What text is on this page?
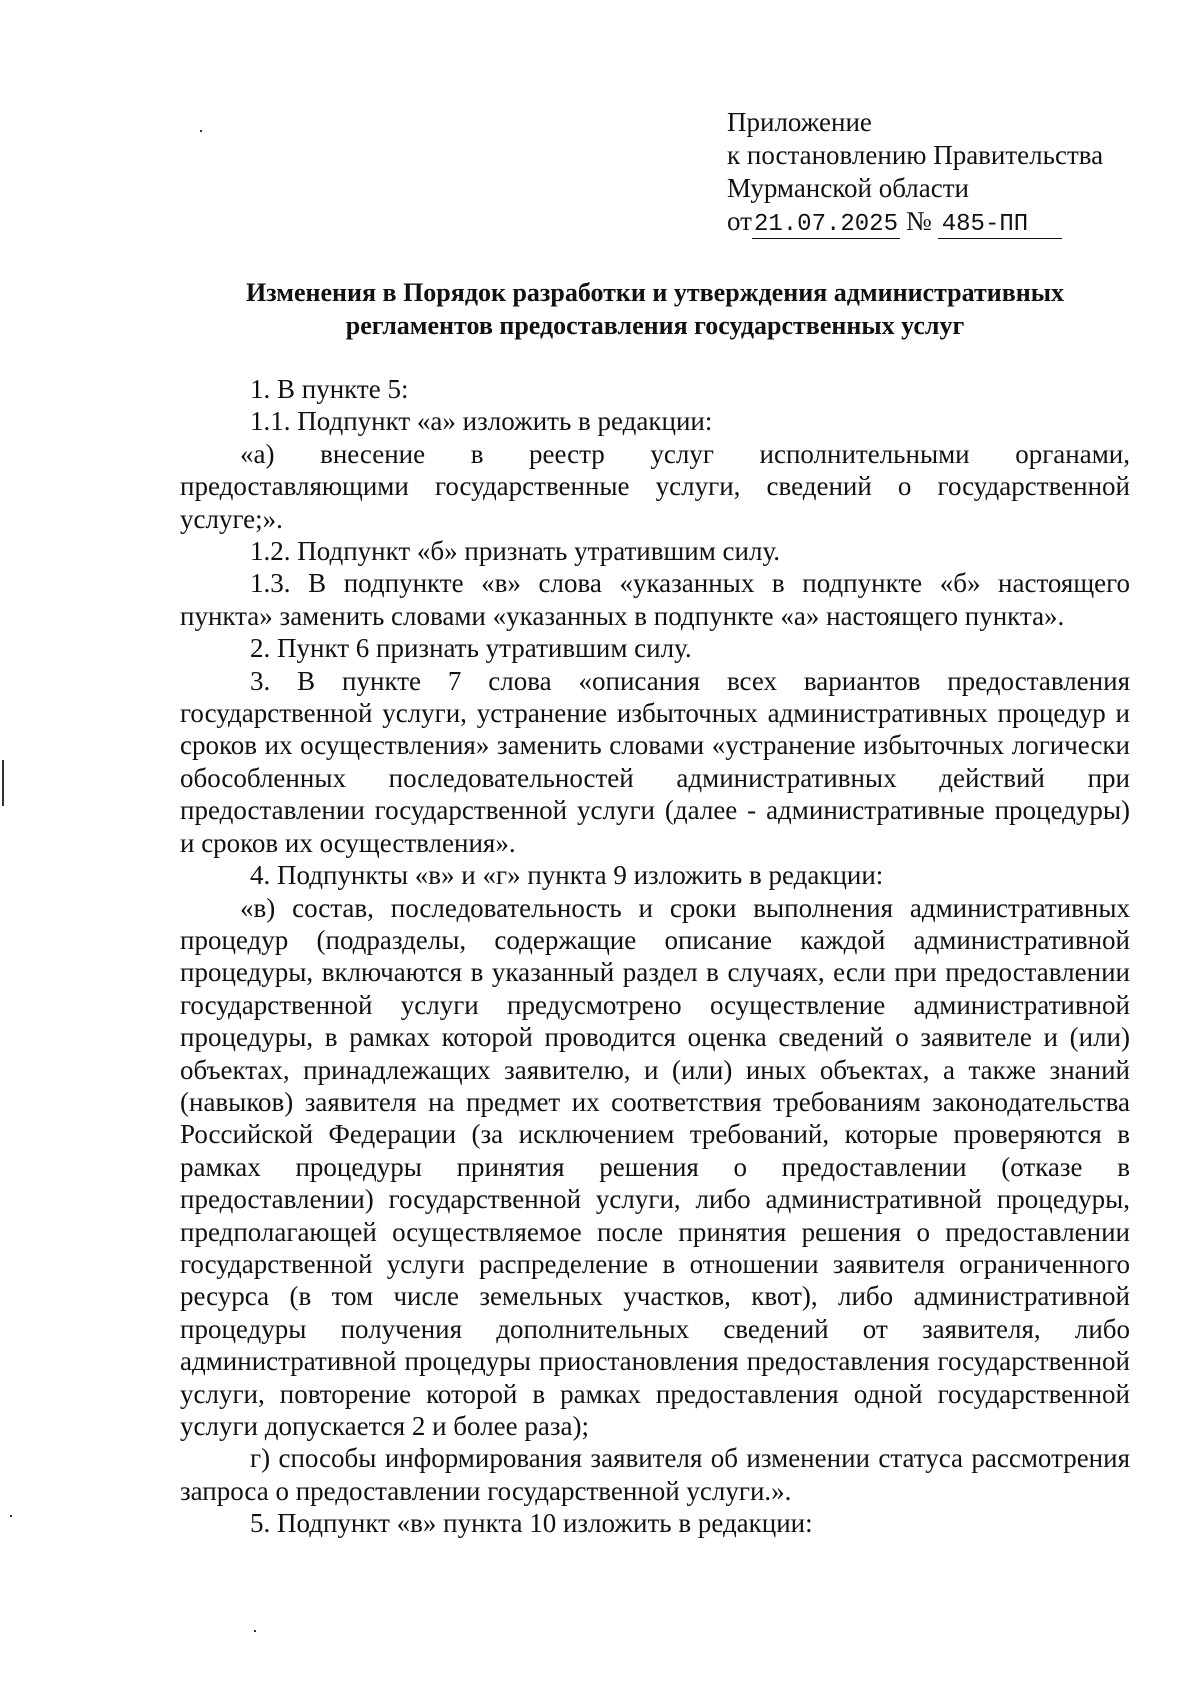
Приложение
к постановлению Правительства
Мурманской области
от 21.07.2025 № 485-ПП
Изменения в Порядок разработки и утверждения административных регламентов предоставления государственных услуг

1. В пункте 5:

1.1. Подпункт «а» изложить в редакции:

«а) внесение в реестр услуг исполнительными органами, предоставляющими государственные услуги, сведений о государственной услуге;».

1.2. Подпункт «б» признать утратившим силу.

1.3. В подпункте «в» слова «указанных в подпункте «б» настоящего пункта» заменить словами «указанных в подпункте «а» настоящего пункта».

2. Пункт 6 признать утратившим силу.

3. В пункте 7 слова «описания всех вариантов предоставления государственной услуги, устранение избыточных административных процедур и сроков их осуществления» заменить словами «устранение избыточных логически обособленных последовательностей административных действий при предоставлении государственной услуги (далее - административные процедуры) и сроков их осуществления».

4. Подпункты «в» и «г» пункта 9 изложить в редакции:

«в) состав, последовательность и сроки выполнения административных процедур (подразделы, содержащие описание каждой административной процедуры, включаются в указанный раздел в случаях, если при предоставлении государственной услуги предусмотрено осуществление административной процедуры, в рамках которой проводится оценка сведений о заявителе и (или) объектах, принадлежащих заявителю, и (или) иных объектах, а также знаний (навыков) заявителя на предмет их соответствия требованиям законодательства Российской Федерации (за исключением требований, которые проверяются в рамках процедуры принятия решения о предоставлении (отказе в предоставлении) государственной услуги, либо административной процедуры, предполагающей осуществляемое после принятия решения о предоставлении государственной услуги распределение в отношении заявителя ограниченного ресурса (в том числе земельных участков, квот), либо административной процедуры получения дополнительных сведений от заявителя, либо административной процедуры приостановления предоставления государственной услуги, повторение которой в рамках предоставления одной государственной услуги допускается 2 и более раза);

г) способы информирования заявителя об изменении статуса рассмотрения запроса о предоставлении государственной услуги.».

5. Подпункт «в» пункта 10 изложить в редакции:
